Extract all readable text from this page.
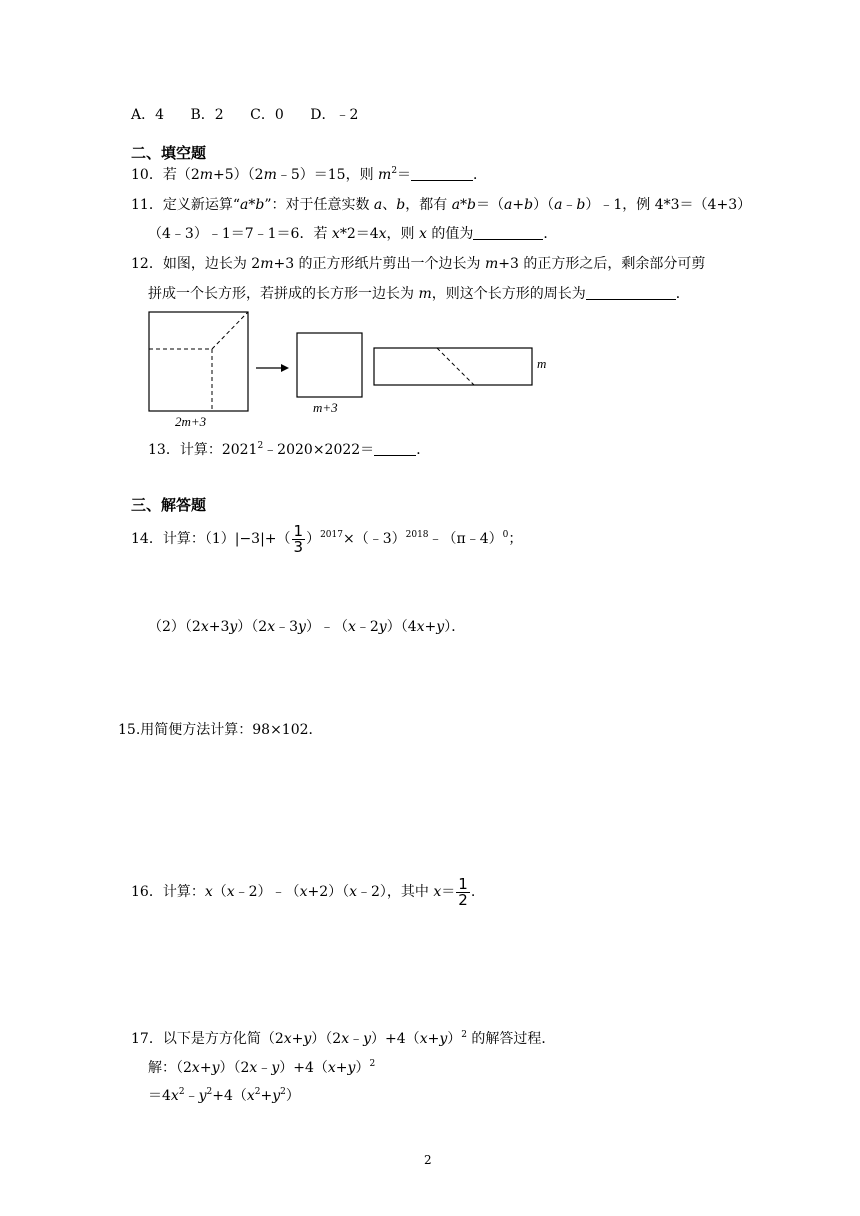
A．4 B．2 C．0 D．﹣2
二、填空题
10．若（2m+5）（2m﹣5）＝15，则 $m^2=$	．
11．定义新运算“a*b”：对于任意实数 a、b，都有 a*b＝（a+b）（a﹣b）﹣1，例 4*3＝（4+3）
（4﹣3）﹣1＝7﹣1＝6．若 x*2＝4x，则 x 的值为	．
12．如图，边长为 2m+3 的正方形纸片剪出一个边长为 m+3 的正方形之后，剩余部分可剪
拼成一个长方形，若拼成的长方形一边长为 m，则这个长方形的周长为	．
2m+3
m+3
m
13．计算：$2021^2﹣2020\times 2022=$	．
三、解答题
14．计算：$(1)|-3|+( \frac{1}{3}$ ）$^{2017}\times(﹣3)^{2018}﹣(\pi﹣4)^0$；
（2）（2x+3y）（2x﹣3y）﹣（x﹣2y）（4x+y）．
15.用简便方法计算：98×102．
16．计算：x（x﹣2）﹣（x+2）（x﹣2），其中 $x= \frac{1}{2}$ .
17．以下是方方化简$(2x+y)(2x﹣y)+4(x+y)^2$ 的解答过程．
解：$(2x+y)(2x﹣y)+4(x+y)^2$
$=4x^2﹣y^2+4(x^2+y^2)$
2
